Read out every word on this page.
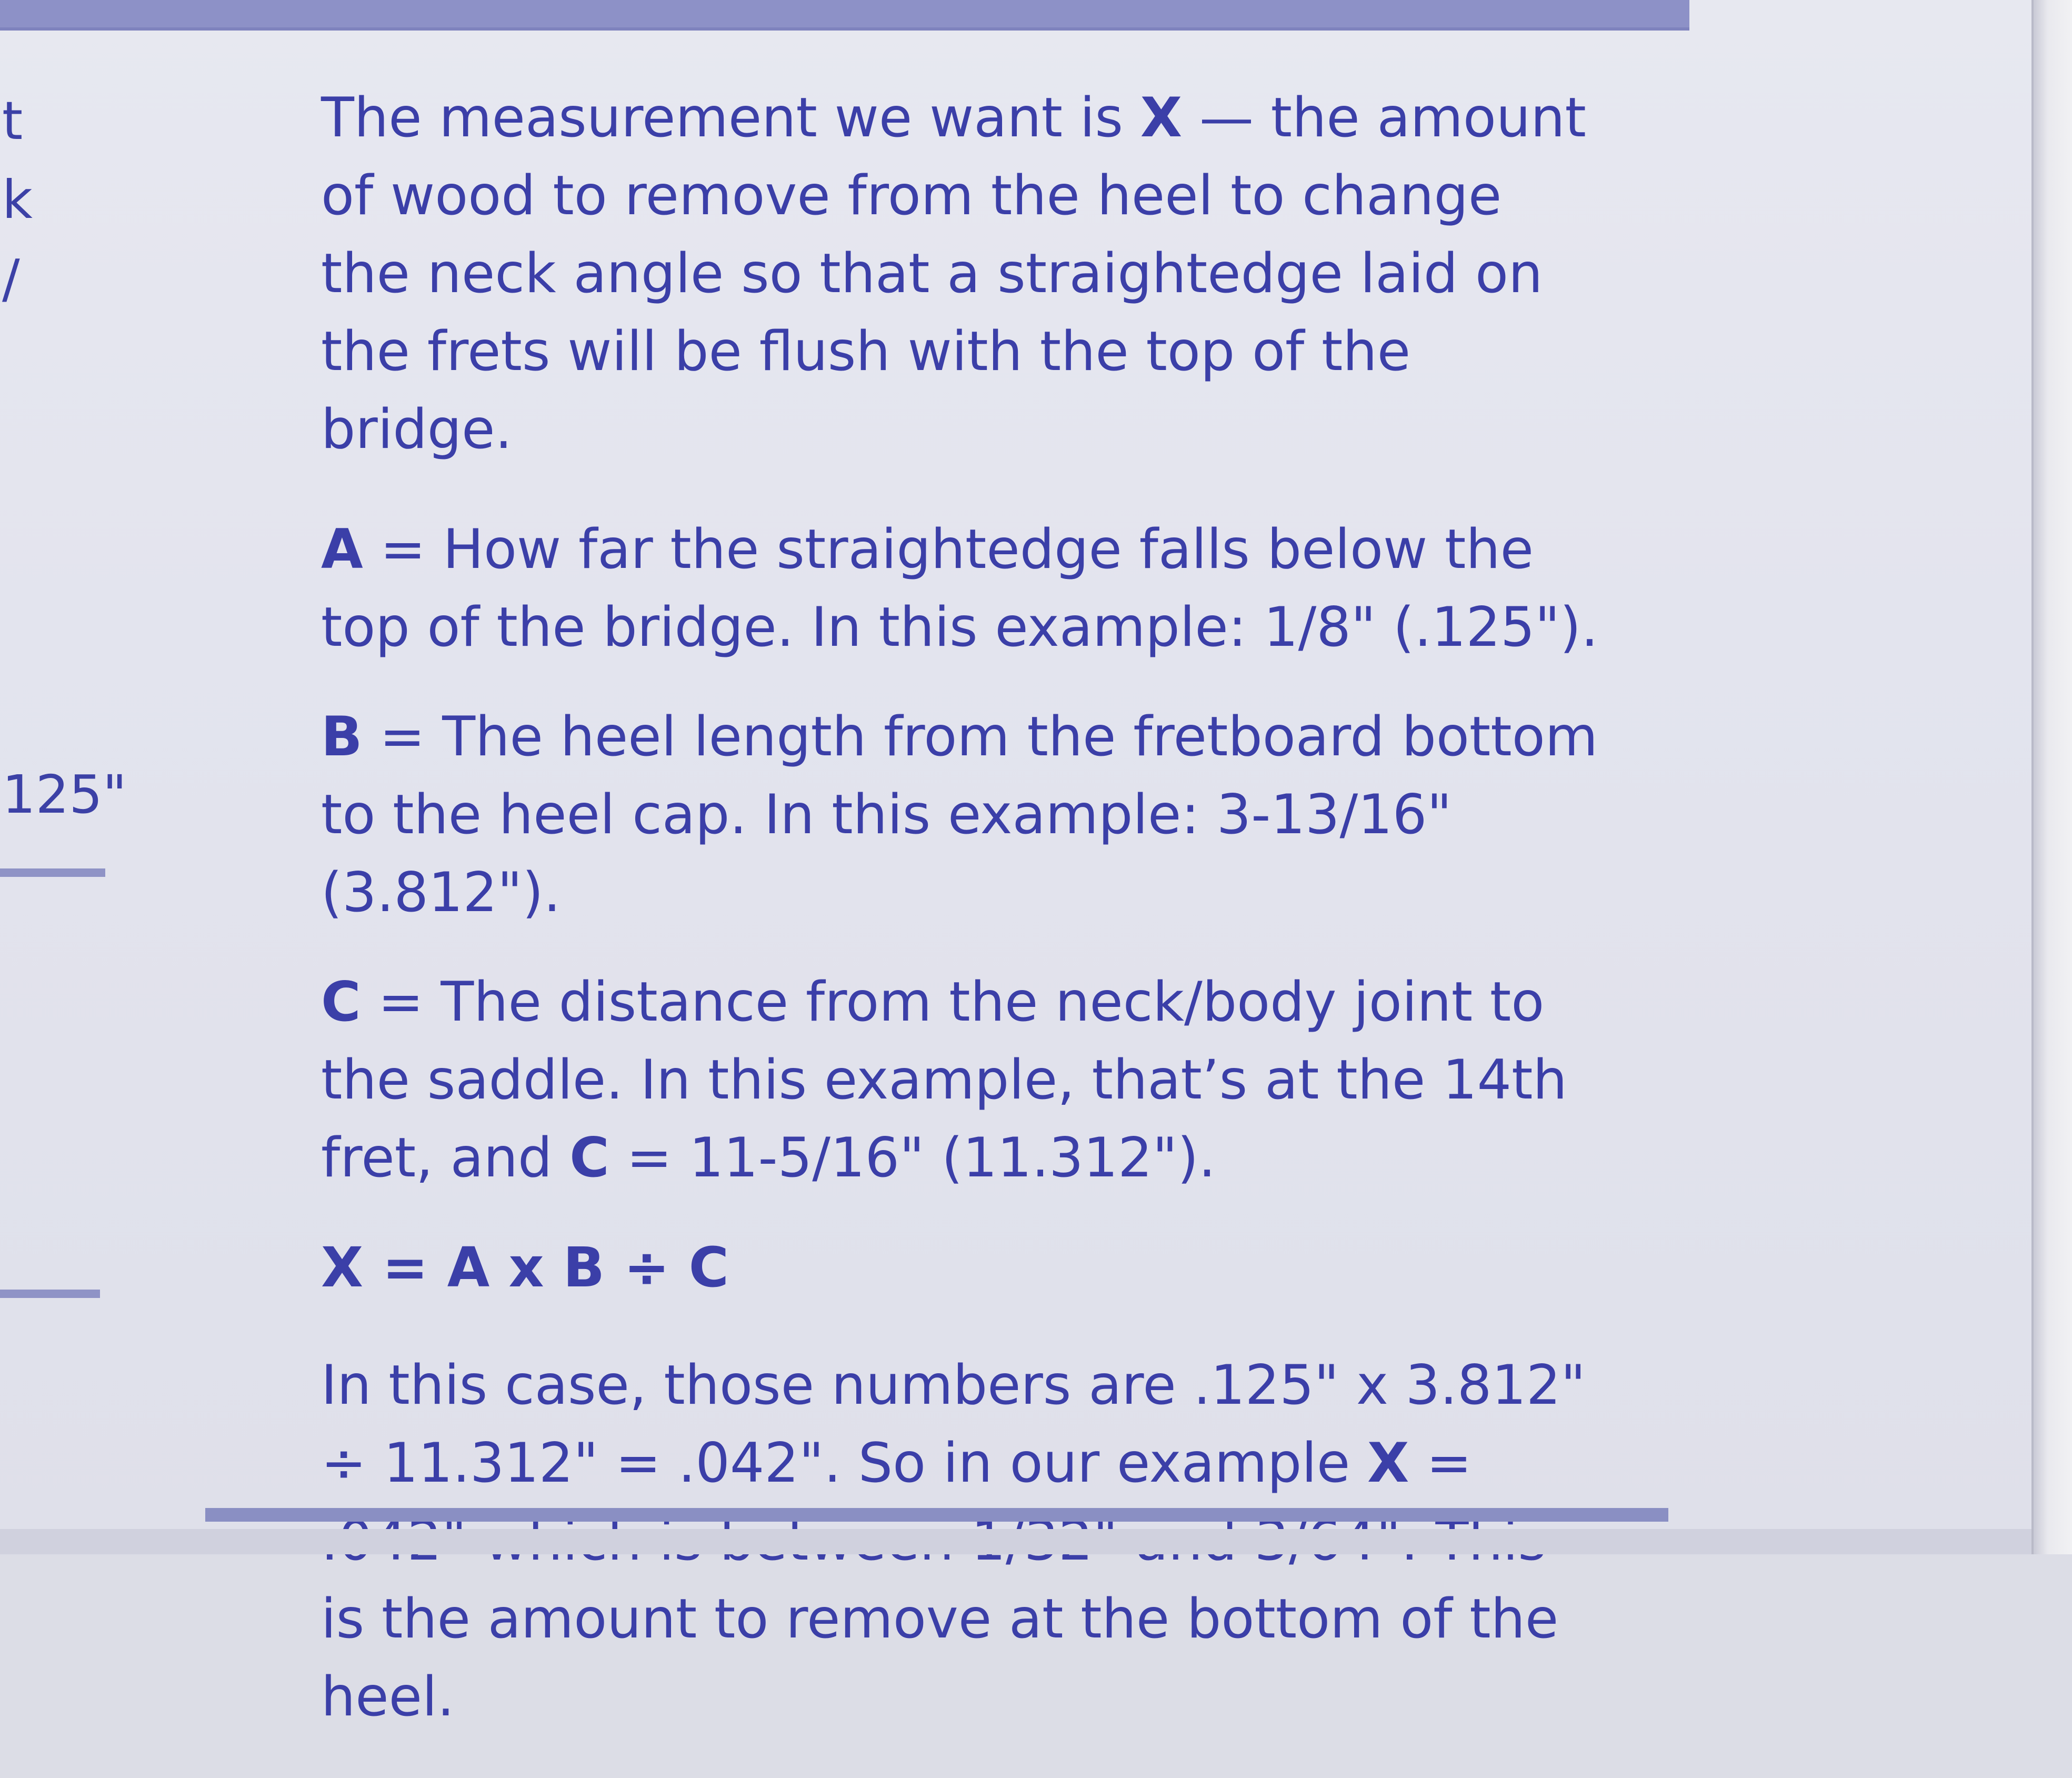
t
k
/
125"

The measurement we want is X — the amount of wood to remove from the heel to change the neck angle so that a straightedge laid on the frets will be flush with the top of the bridge.

A = How far the straightedge falls below the top of the bridge. In this example: 1/8" (.125").

B = The heel length from the fretboard bottom to the heel cap. In this example: 3-13/16" (3.812").

C = The distance from the neck/body joint to the saddle. In this example, that’s at the 14th fret, and C = 11-5/16" (11.312").

X = A x B ÷ C

In this case, those numbers are .125" x 3.812" ÷ 11.312" = .042". So in our example X = is the amount to remove at the bottom of the heel.
